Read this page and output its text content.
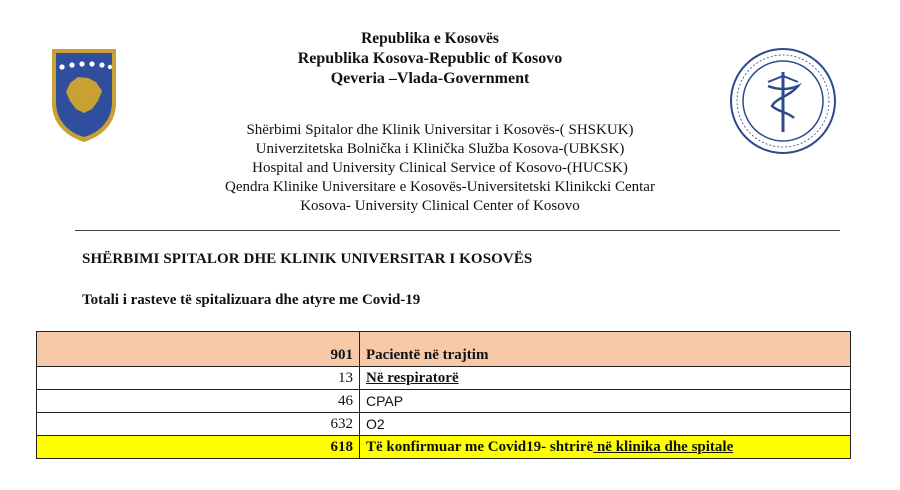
Republika e Kosovës
Republika Kosova-Republic of Kosovo
Qeveria –Vlada-Government
Shërbimi Spitalor dhe Klinik Universitar i Kosovës-( SHSKUK)
Univerzitetska Bolnička i Klinička Služba Kosova-(UBKSK)
Hospital and University Clinical Service of Kosovo-(HUCSK)
Qendra Klinike Universitare e Kosovës-Universitetski Klinikcki Centar
Kosova- University Clinical Center of Kosovo
SHËRBIMI SPITALOR DHE KLINIK UNIVERSITAR I KOSOVËS
Totali i rasteve të spitalizuara dhe atyre me Covid-19
901	Pacientë në trajtim
13	Në respiratorë
46	CPAP
632	O2
618	Të konfirmuar me Covid19- shtrirë në klinika dhe spitale
